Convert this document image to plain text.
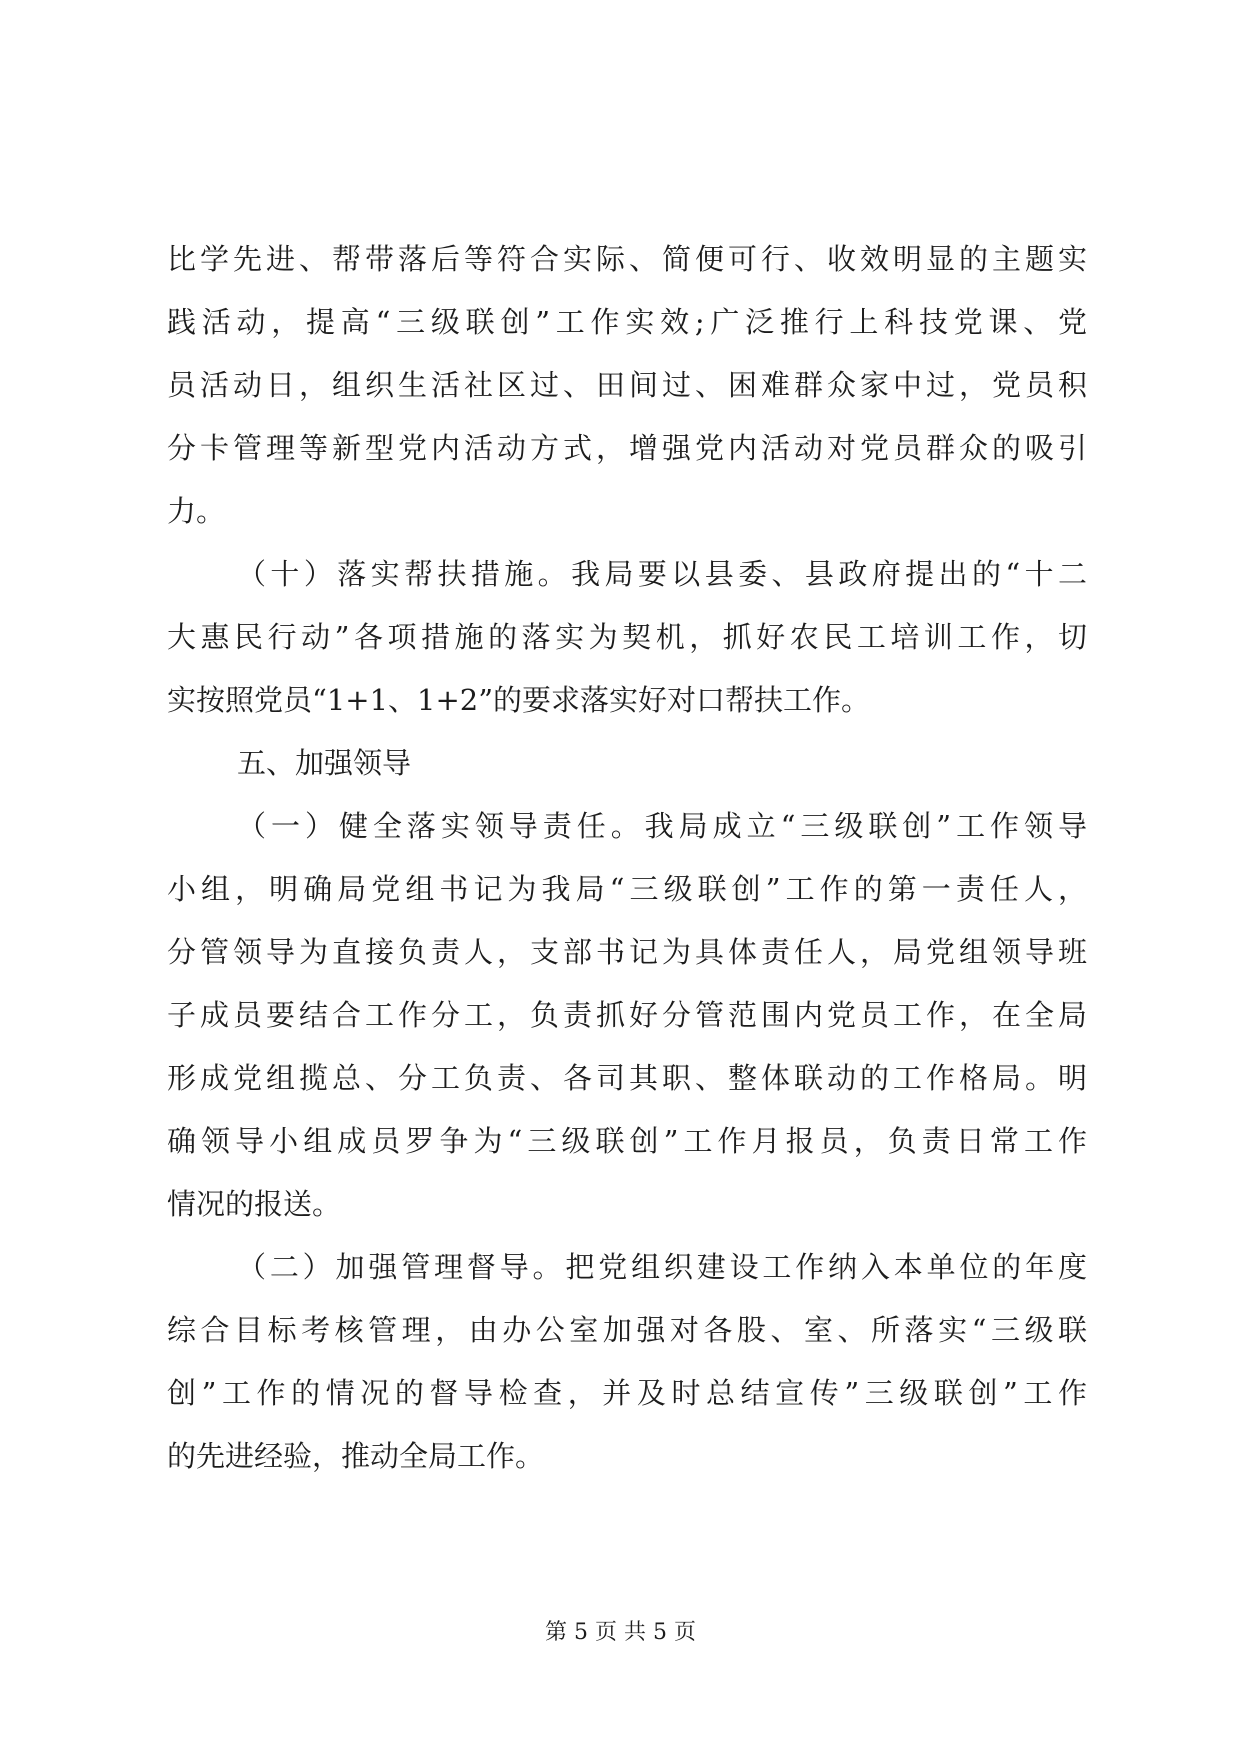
比学先进、帮带落后等符合实际、简便可行、收效明显的主题实
践活动，提高“三级联创”工作实效;广泛推行上科技党课、党
员活动日，组织生活社区过、田间过、困难群众家中过，党员积
分卡管理等新型党内活动方式，增强党内活动对党员群众的吸引
力。
（十）落实帮扶措施。我局要以县委、县政府提出的“十二
大惠民行动”各项措施的落实为契机，抓好农民工培训工作，切
实按照党员“1+1、1+2”的要求落实好对口帮扶工作。
五、加强领导
（一）健全落实领导责任。我局成立“三级联创”工作领导
小组，明确局党组书记为我局“三级联创”工作的第一责任人，
分管领导为直接负责人，支部书记为具体责任人，局党组领导班
子成员要结合工作分工，负责抓好分管范围内党员工作，在全局
形成党组揽总、分工负责、各司其职、整体联动的工作格局。明
确领导小组成员罗争为“三级联创”工作月报员，负责日常工作
情况的报送。
（二）加强管理督导。把党组织建设工作纳入本单位的年度
综合目标考核管理，由办公室加强对各股、室、所落实“三级联
创”工作的情况的督导检查，并及时总结宣传”三级联创”工作
的先进经验，推动全局工作。
第 5 页 共 5 页
